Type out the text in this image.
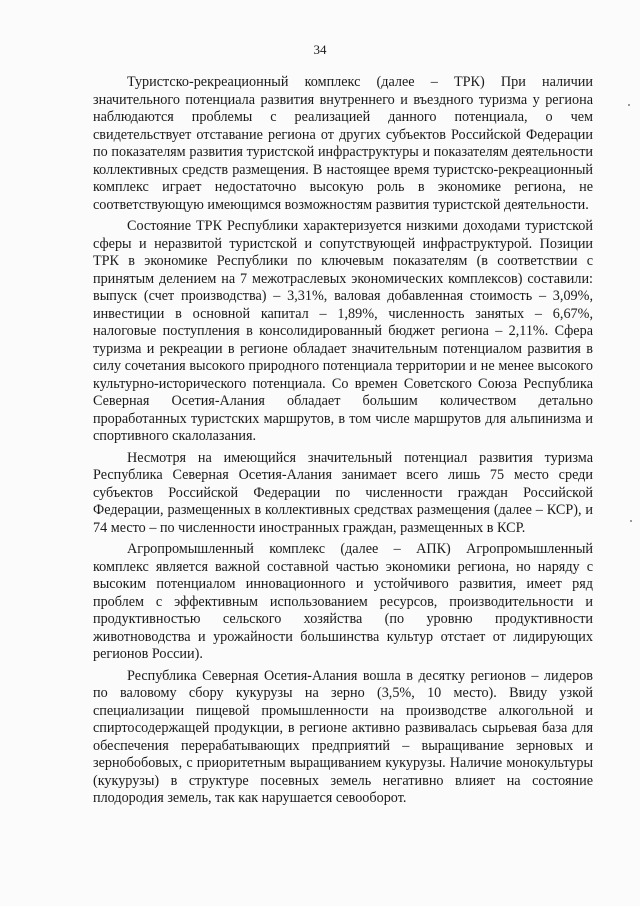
34

Туристско-рекреационный комплекс (далее – ТРК) При наличии значительного потенциала развития внутреннего и въездного туризма у региона наблюдаются проблемы с реализацией данного потенциала, о чем свидетельствует отставание региона от других субъектов Российской Федерации по показателям развития туристской инфраструктуры и показателям деятельности коллективных средств размещения. В настоящее время туристско-рекреационный комплекс играет недостаточно высокую роль в экономике региона, не соответствующую имеющимся возможностям развития туристской деятельности.

Состояние ТРК Республики характеризуется низкими доходами туристской сферы и неразвитой туристской и сопутствующей инфраструктурой. Позиции ТРК в экономике Республики по ключевым показателям (в соответствии с принятым делением на 7 межотраслевых экономических комплексов) составили: выпуск (счет производства) – 3,31%, валовая добавленная стоимость – 3,09%, инвестиции в основной капитал – 1,89%, численность занятых – 6,67%, налоговые поступления в консолидированный бюджет региона – 2,11%. Сфера туризма и рекреации в регионе обладает значительным потенциалом развития в силу сочетания высокого природного потенциала территории и не менее высокого культурно-исторического потенциала. Со времен Советского Союза Республика Северная Осетия-Алания обладает большим количеством детально проработанных туристских маршрутов, в том числе маршрутов для альпинизма и спортивного скалолазания.

Несмотря на имеющийся значительный потенциал развития туризма Республика Северная Осетия-Алания занимает всего лишь 75 место среди субъектов Российской Федерации по численности граждан Российской Федерации, размещенных в коллективных средствах размещения (далее – КСР), и 74 место – по численности иностранных граждан, размещенных в КСР.

Агропромышленный комплекс (далее – АПК) Агропромышленный комплекс является важной составной частью экономики региона, но наряду с высоким потенциалом инновационного и устойчивого развития, имеет ряд проблем с эффективным использованием ресурсов, производительности и продуктивностью сельского хозяйства (по уровню продуктивности животноводства и урожайности большинства культур отстает от лидирующих регионов России).

Республика Северная Осетия-Алания вошла в десятку регионов – лидеров по валовому сбору кукурузы на зерно (3,5%, 10 место). Ввиду узкой специализации пищевой промышленности на производстве алкогольной и спиртосодержащей продукции, в регионе активно развивалась сырьевая база для обеспечения перерабатывающих предприятий – выращивание зерновых и зернобобовых, с приоритетным выращиванием кукурузы. Наличие монокультуры (кукурузы) в структуре посевных земель негативно влияет на состояние плодородия земель, так как нарушается севооборот.
